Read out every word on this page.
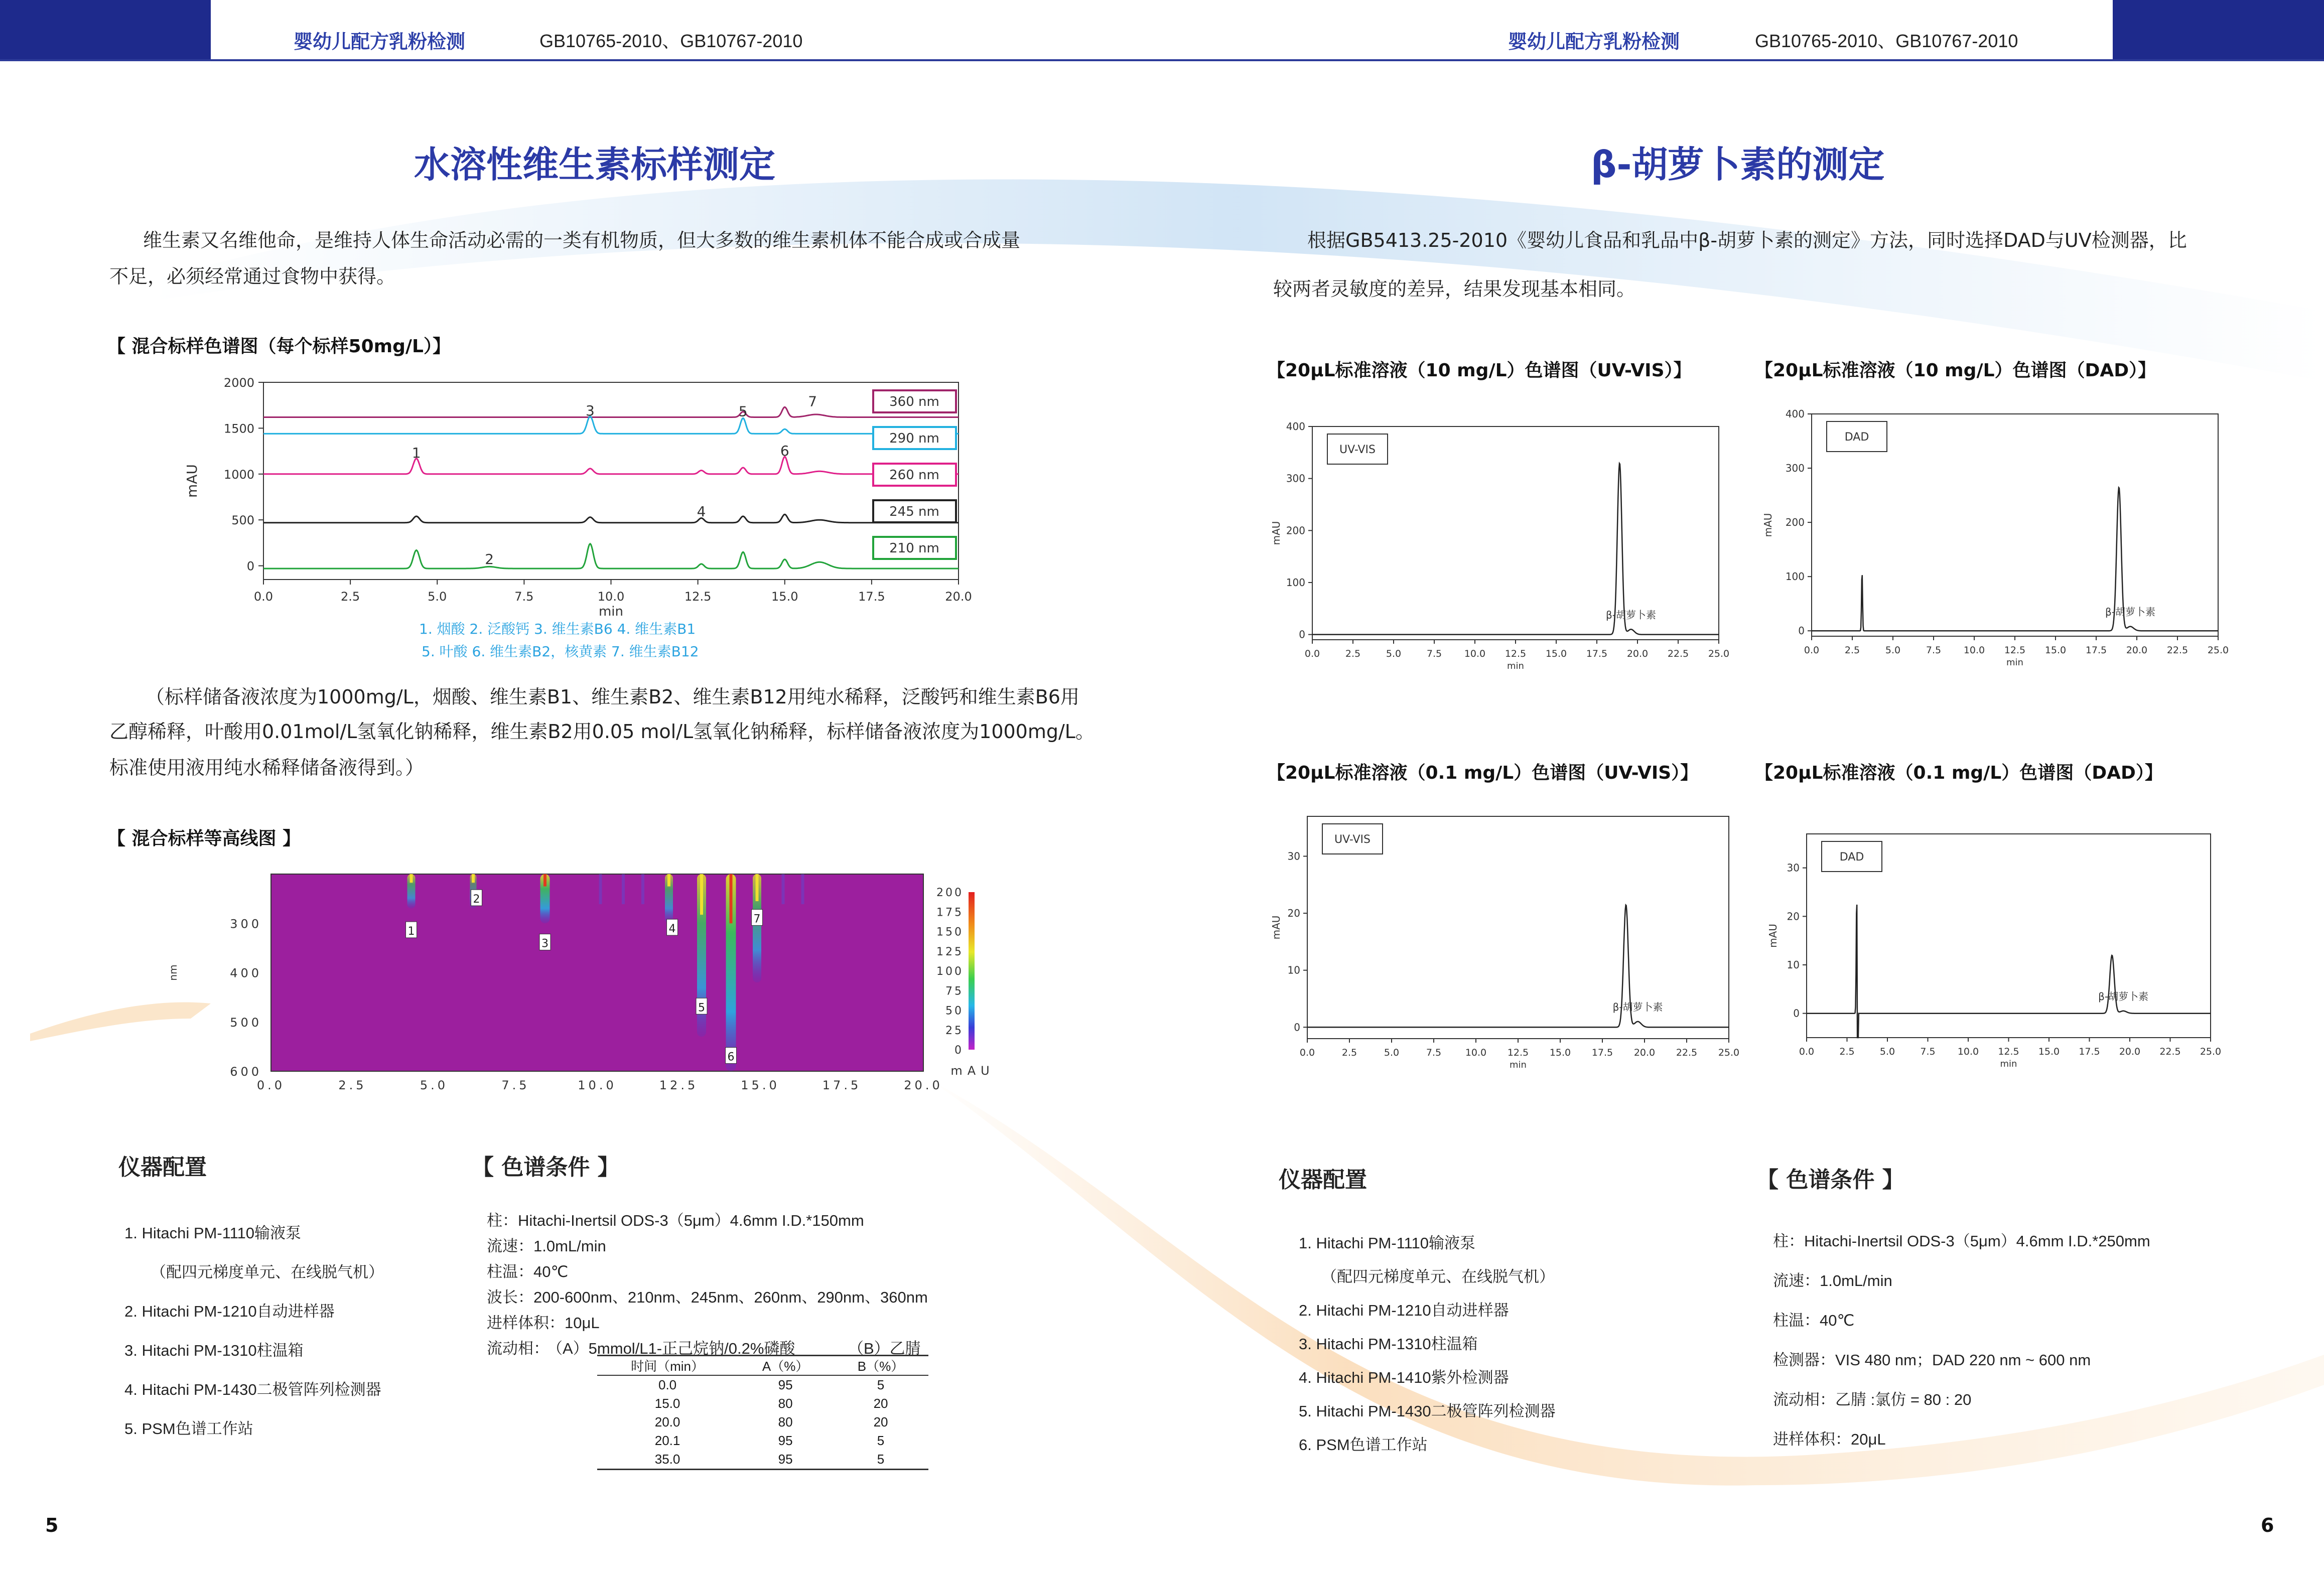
婴幼儿配方乳粉检测	GB10765-2010、GB10767-2010	婴幼儿配方乳粉检测	GB10765-2010、GB10767-2010
水溶性维生素标样测定
维生素又名维他命，是维持人体生命活动必需的一类有机物质，但大多数的维生素机体不能合成或合成量
不足，必须经常通过食物中获得。
【 混合标样色谱图（每个标样50mg/L）】
2000
1500
1000
500
0
0.0	2.5	5.0	7.5	10.0	12.5	15.0	17.5	20.0
min
mAU
360 nm
290 nm
260 nm
245 nm
210 nm
1
2
3
4
5
6
7
1. 烟酸 2. 泛酸钙 3. 维生素B6 4. 维生素B1
5. 叶酸 6. 维生素B2，核黄素 7. 维生素B12
（标样储备液浓度为1000mg/L，烟酸、维生素B1、维生素B2、维生素B12用纯水稀释，泛酸钙和维生素B6用
乙醇稀释，叶酸用0.01mol/L氢氧化钠稀释，维生素B2用0.05 mol/L氢氧化钠稀释，标样储备液浓度为1000mg/L。
标准使用液用纯水稀释储备液得到。）
【 混合标样等高线图 】
1
2
3
4
5
6
7
300
400
500
600
nm
0.0	2.5	5.0	7.5	10.0	12.5	15.0	17.5	20.0
200
175
150
125
100
75
50
25
0
mAU
仪器配置
1. Hitachi PM-1110输液泵
（配四元梯度单元、在线脱气机）
2. Hitachi PM-1210自动进样器
3. Hitachi PM-1310柱温箱
4. Hitachi PM-1430二极管阵列检测器
5. PSM色谱工作站
【 色谱条件 】
柱：Hitachi-Inertsil ODS-3（5μm）4.6mm I.D.*150mm
流速：1.0mL/min
柱温：40℃
波长：200-600nm、210nm、245nm、260nm、290nm、360nm
进样体积：10μL
流动相：
（A）5mmol/L1-正己烷钠/0.2%磷酸	（B）乙腈
时间（min）	A（%）	B（%）
0.0	95	5
15.0	80	20
20.0	80	20
20.1	95	5
35.0	95	5
5
β-胡萝卜素的测定
根据GB5413.25-2010《婴幼儿食品和乳品中β-胡萝卜素的测定》方法，同时选择DAD与UV检测器，比
较两者灵敏度的差异，结果发现基本相同。
【20μL标准溶液（10 mg/L）色谱图（UV-VIS）】	【20μL标准溶液（10 mg/L）色谱图（DAD）】
400
300
200
100
0
0.0	2.5	5.0	7.5 10.0 12.5 15.0 17.5 20.0 22.5 25.0
min
mAU
UV-VIS
β-胡萝卜素
400
300
200
100
0
0.0	2.5	5.0	7.5 10.0 12.5 15.0 17.5 20.0 22.5 25.0
min
mAU
DAD
β-胡萝卜素
【20μL标准溶液（0.1 mg/L）色谱图（UV-VIS）】	【20μL标准溶液（0.1 mg/L）色谱图（DAD）】
30
20
10
0
0.0	2.5	5.0	7.5	10.0 12.5 15.0 17.5 20.0 22.5 25.0
min
mAU
UV-VIS
β-胡萝卜素
30
20
10
0
0.0	2.5	5.0	7.5 10.0 12.5 15.0 17.5 20.0 22.5 25.0
min
mAU
DAD
β-胡萝卜素
仪器配置
1. Hitachi PM-1110输液泵
（配四元梯度单元、在线脱气机）
2. Hitachi PM-1210自动进样器
3. Hitachi PM-1310柱温箱
4. Hitachi PM-1410紫外检测器
5. Hitachi PM-1430二极管阵列检测器
6. PSM色谱工作站
【 色谱条件 】
柱：Hitachi-Inertsil ODS-3（5μm）4.6mm I.D.*250mm
流速：1.0mL/min
柱温：40℃
检测器：VIS 480 nm；DAD 220 nm ~ 600 nm
流动相：乙腈 :氯仿 = 80 : 20
进样体积：20μL
6
